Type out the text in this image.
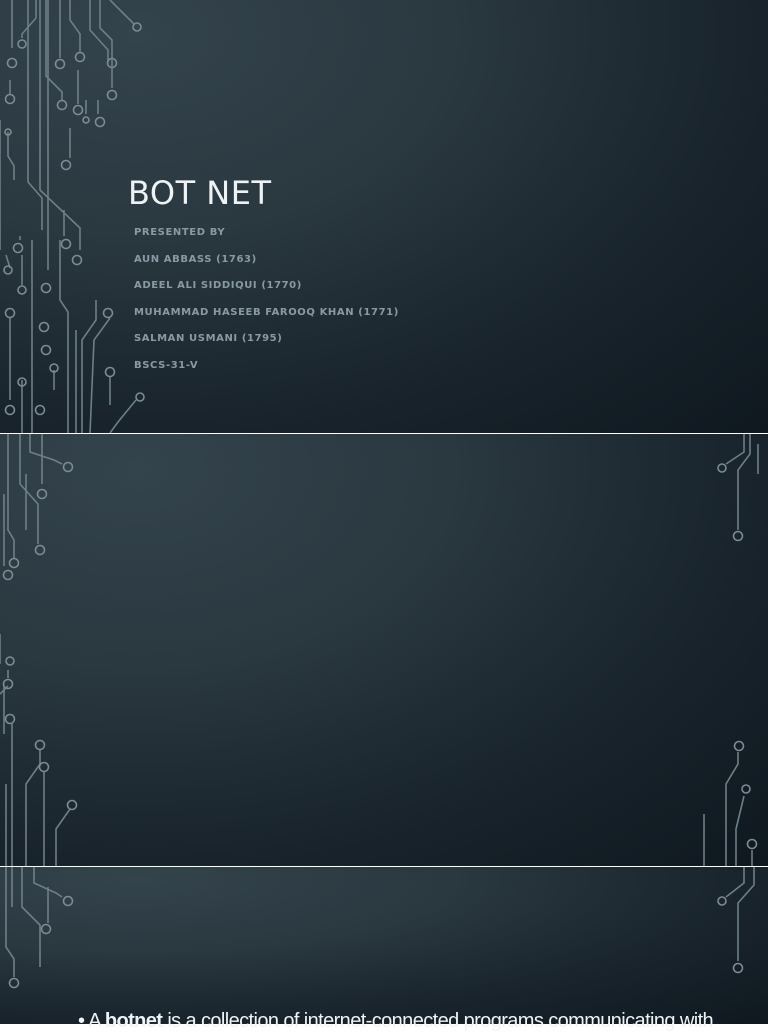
BOT NET
PRESENTED BY
AUN ABBASS (1763)
ADEEL ALI SIDDIQUI (1770)
MUHAMMAD HASEEB FAROOQ KHAN (1771)
SALMAN USMANI (1795)
BSCS-31-V
• A botnet is a collection of internet-connected programs communicating with
